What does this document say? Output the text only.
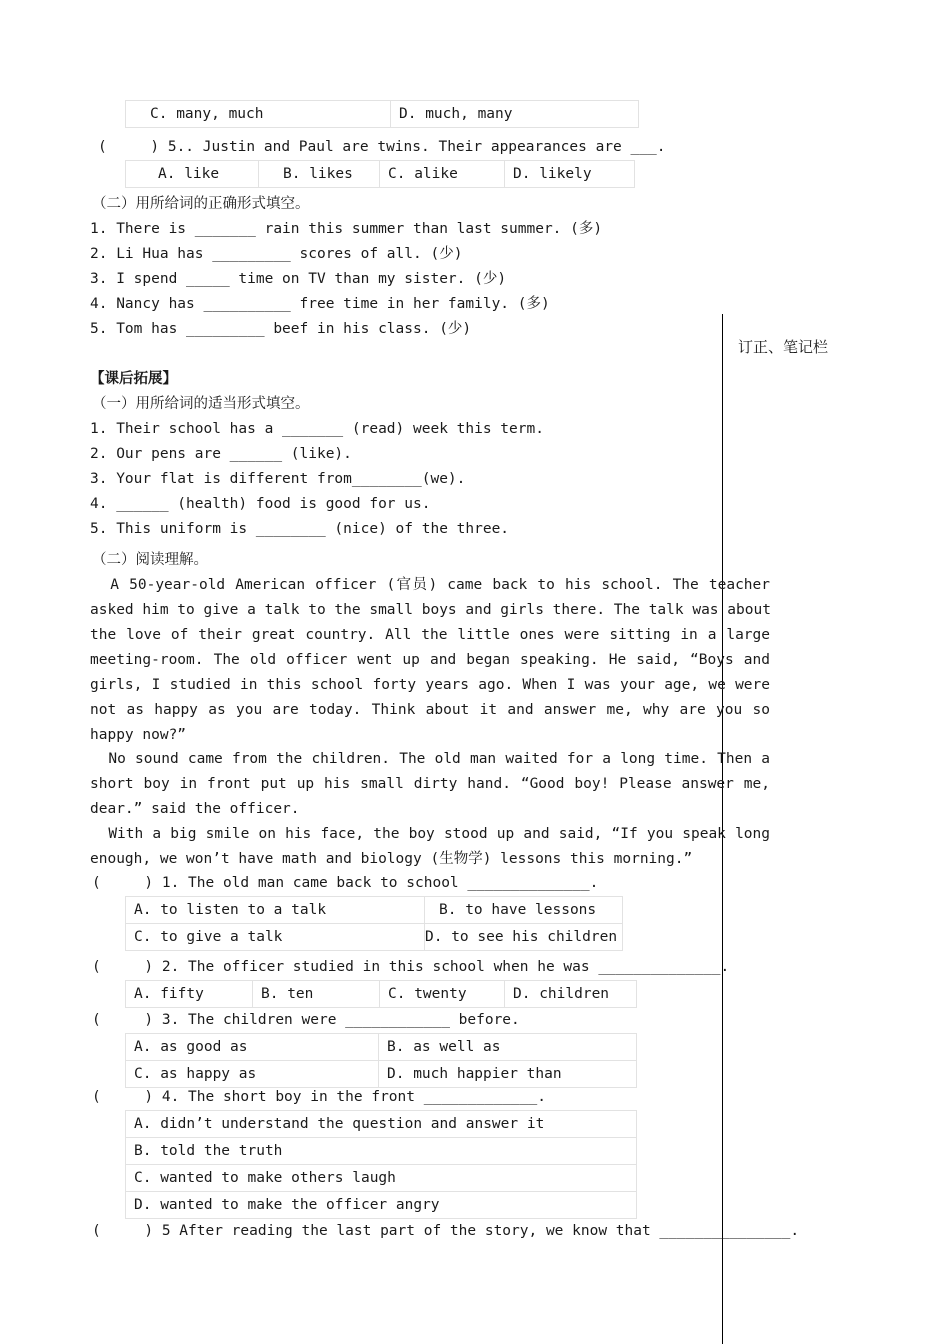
C. many, much	D. much, many
(     ) 5.. Justin and Paul are twins. Their appearances are ___.
A. like	B. likes	C. alike	D. likely
（二）用所给词的正确形式填空。
1. There is _______ rain this summer than last summer. (多)
2. Li Hua has _________ scores of all. (少)
3. I spend _____ time on TV than my sister. (少)
4. Nancy has __________ free time in her family. (多)
5. Tom has _________ beef in his class. (少)
订正、笔记栏
【课后拓展】
（一）用所给词的适当形式填空。
1. Their school has a _______ (read) week this term.
2. Our pens are ______ (like).
3. Your flat is different from________(we).
4. ______ (health) food is good for us.
5. This uniform is ________ (nice) of the three.
（二）阅读理解。
A 50-year-old American officer (官员) came back to his school. The teacher
asked him to give a talk to the small boys and girls there. The talk was about
the love of their great country. All the little ones were sitting in a large
meeting-room. The old officer went up and began speaking. He said, “Boys and
girls, I studied in this school forty years ago. When I was your age, we were
not as happy as you are today. Think about it and answer me, why are you so
happy now?”
No sound came from the children. The old man waited for a long time. Then a
short boy in front put up his small dirty hand. “Good boy! Please answer me,
dear.” said the officer.
With a big smile on his face, the boy stood up and said, “If you speak long
enough, we won’t have math and biology (生物学) lessons this morning.”
(     ) 1. The old man came back to school ______________.
A. to listen to a talk	B. to have lessons
C. to give a talk	D. to see his children
(     ) 2. The officer studied in this school when he was ______________.
A. fifty	B. ten	C. twenty	D. children
(     ) 3. The children were ____________ before.
A. as good as	B. as well as
C. as happy as	D. much happier than
(     ) 4. The short boy in the front _____________.
A. didn’t understand the question and answer it
B. told the truth
C. wanted to make others laugh
D. wanted to make the officer angry
(     ) 5 After reading the last part of the story, we know that _______________.
